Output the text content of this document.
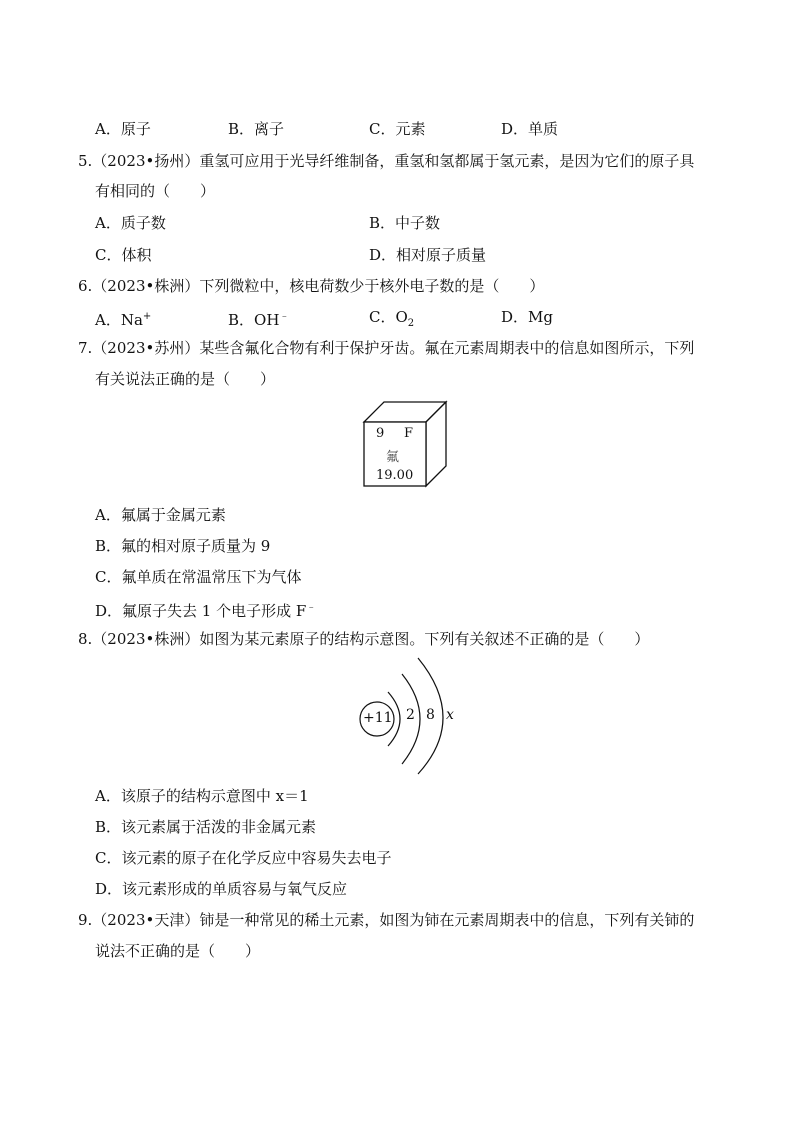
A．原子	B．离子	C．元素	D．单质
5.（2023•扬州）重氢可应用于光导纤维制备，重氢和氢都属于氢元素，是因为它们的原子具
有相同的（　　）
A．质子数	B．中子数
C．体积	D．相对原子质量
6.（2023•株洲）下列微粒中，核电荷数少于核外电子数的是（　　）
A．Na+	B．OH﹣	C．$O_2$	D．Mg
7.（2023•苏州）某些含氟化合物有利于保护牙齿。氟在元素周期表中的信息如图所示，下列
有关说法正确的是（　　）
9 F
氟
19.00
A．氟属于金属元素
B．氟的相对原子质量为 9
C．氟单质在常温常压下为气体
D．氟原子失去 1 个电子形成 F﹣
8.（2023•株洲）如图为某元素原子的结构示意图。下列有关叙述不正确的是（　　）
+11 2 8 x
A．该原子的结构示意图中 x＝1
B．该元素属于活泼的非金属元素
C．该元素的原子在化学反应中容易失去电子
D．该元素形成的单质容易与氧气反应
9.（2023•天津）铈是一种常见的稀土元素，如图为铈在元素周期表中的信息，下列有关铈的
说法不正确的是（　　）
